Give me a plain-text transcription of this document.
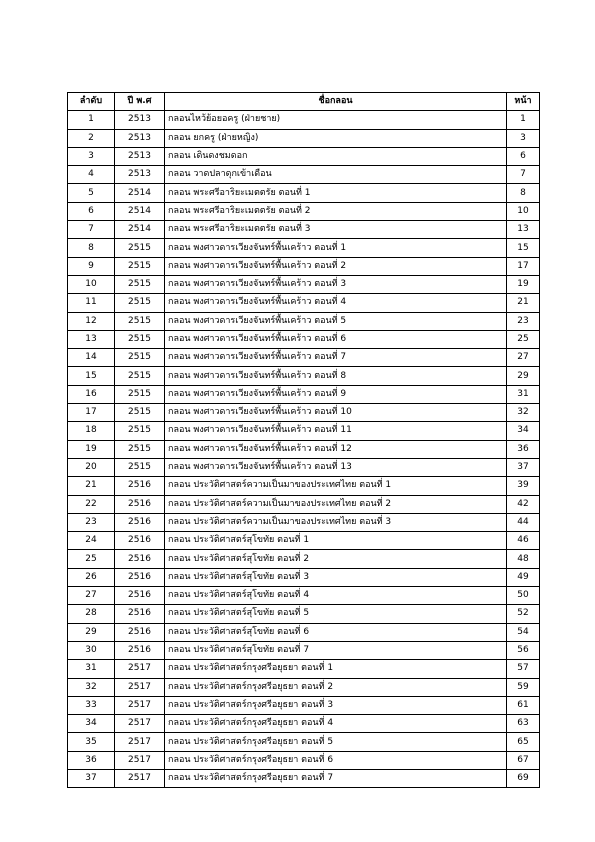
ลำดับ	ปี พ.ศ	ชื่อกลอน	หน้า
1	2513	กลอนไหว้ย้อยอครู (ฝ่ายชาย)	1
2	2513	กลอน ยกครู (ฝ่ายหญิง)	3
3	2513	กลอน เดินดงชมดอก	6
4	2513	กลอน วาดปลาดุกเข้าเดือน	7
5	2514	กลอน พระศรีอาริยะเมตตรัย ตอนที่ 1	8
6	2514	กลอน พระศรีอาริยะเมตตรัย ตอนที่ 2	10
7	2514	กลอน พระศรีอาริยะเมตตรัย ตอนที่ 3	13
8	2515	กลอน พงศาวดารเวียงจันทร์พื้นเคร้าว ตอนที่ 1	15
9	2515	กลอน พงศาวดารเวียงจันทร์พื้นเคร้าว ตอนที่ 2	17
10	2515	กลอน พงศาวดารเวียงจันทร์พื้นเคร้าว ตอนที่ 3	19
11	2515	กลอน พงศาวดารเวียงจันทร์พื้นเคร้าว ตอนที่ 4	21
12	2515	กลอน พงศาวดารเวียงจันทร์พื้นเคร้าว ตอนที่ 5	23
13	2515	กลอน พงศาวดารเวียงจันทร์พื้นเคร้าว ตอนที่ 6	25
14	2515	กลอน พงศาวดารเวียงจันทร์พื้นเคร้าว ตอนที่ 7	27
15	2515	กลอน พงศาวดารเวียงจันทร์พื้นเคร้าว ตอนที่ 8	29
16	2515	กลอน พงศาวดารเวียงจันทร์พื้นเคร้าว ตอนที่ 9	31
17	2515	กลอน พงศาวดารเวียงจันทร์พื้นเคร้าว ตอนที่ 10	32
18	2515	กลอน พงศาวดารเวียงจันทร์พื้นเคร้าว ตอนที่ 11	34
19	2515	กลอน พงศาวดารเวียงจันทร์พื้นเคร้าว ตอนที่ 12	36
20	2515	กลอน พงศาวดารเวียงจันทร์พื้นเคร้าว ตอนที่ 13	37
21	2516	กลอน ประวัติศาสตร์ความเป็นมาของประเทศไทย ตอนที่ 1	39
22	2516	กลอน ประวัติศาสตร์ความเป็นมาของประเทศไทย ตอนที่ 2	42
23	2516	กลอน ประวัติศาสตร์ความเป็นมาของประเทศไทย ตอนที่ 3	44
24	2516	กลอน ประวัติศาสตร์สุโขทัย ตอนที่ 1	46
25	2516	กลอน ประวัติศาสตร์สุโขทัย ตอนที่ 2	48
26	2516	กลอน ประวัติศาสตร์สุโขทัย ตอนที่ 3	49
27	2516	กลอน ประวัติศาสตร์สุโขทัย ตอนที่ 4	50
28	2516	กลอน ประวัติศาสตร์สุโขทัย ตอนที่ 5	52
29	2516	กลอน ประวัติศาสตร์สุโขทัย ตอนที่ 6	54
30	2516	กลอน ประวัติศาสตร์สุโขทัย ตอนที่ 7	56
31	2517	กลอน ประวัติศาสตร์กรุงศรีอยุธยา ตอนที่ 1	57
32	2517	กลอน ประวัติศาสตร์กรุงศรีอยุธยา ตอนที่ 2	59
33	2517	กลอน ประวัติศาสตร์กรุงศรีอยุธยา ตอนที่ 3	61
34	2517	กลอน ประวัติศาสตร์กรุงศรีอยุธยา ตอนที่ 4	63
35	2517	กลอน ประวัติศาสตร์กรุงศรีอยุธยา ตอนที่ 5	65
36	2517	กลอน ประวัติศาสตร์กรุงศรีอยุธยา ตอนที่ 6	67
37	2517	กลอน ประวัติศาสตร์กรุงศรีอยุธยา ตอนที่ 7	69
